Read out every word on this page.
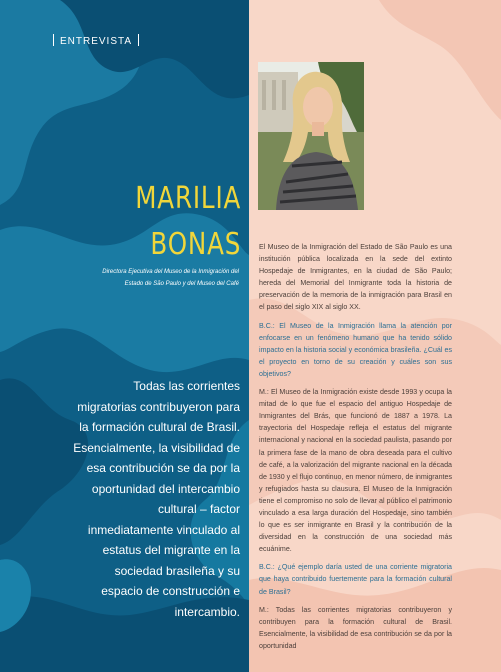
ENTREVISTA
MARILIA
BONAS
Directora Ejecutiva del Museo de la Inmigración del Estado de São Paulo y del Museo del Café
Todas las corrientes migratorias contribuyeron para la formación cultural de Brasil. Esencialmente, la visibilidad de esa contribución se da por la oportunidad del intercambio cultural – factor inmediatamente vinculado al estatus del migrante en la sociedad brasileña y su espacio de construcción e intercambio.

El Museo de la Inmigración del Estado de São Paulo es una institución pública localizada en la sede del extinto Hospedaje de Inmigrantes, en la ciudad de São Paulo; hereda del Memorial del Inmigrante toda la historia de preservación de la memoria de la inmigración para Brasil en el paso del siglo XIX al siglo XX.

B.C.: El Museo de la Inmigración llama la atención por enfocarse en un fenómeno humano que ha tenido sólido impacto en la historia social y económica brasileña. ¿Cuál es el proyecto en torno de su creación y cuáles son sus objetivos?

M.: El Museo de la Inmigración existe desde 1993 y ocupa la mitad de lo que fue el espacio del antiguo Hospedaje de Inmigrantes del Brás, que funcionó de 1887 a 1978. La trayectoria del Hospedaje refleja el estatus del migrante internacional y nacional en la sociedad paulista, pasando por la primera fase de la mano de obra deseada para el cultivo de café, a la valorización del migrante nacional en la década de 1930 y el flujo continuo, en menor número, de inmigrantes y refugiados hasta su clausura. El Museo de la Inmigración tiene el compromiso no solo de llevar al público el patrimonio vinculado a esa larga duración del Hospedaje, sino también lo que es ser inmigrante en Brasil y la contribución de la diversidad en la construcción de una sociedad más ecuánime.

B.C.: ¿Qué ejemplo daría usted de una corriente migratoria que haya contribuido fuertemente para la formación cultural de Brasil?

M.: Todas las corrientes migratorias contribuyeron y contribuyen para la formación cultural de Brasil. Esencialmente, la visibilidad de esa contribución se da por la oportunidad
